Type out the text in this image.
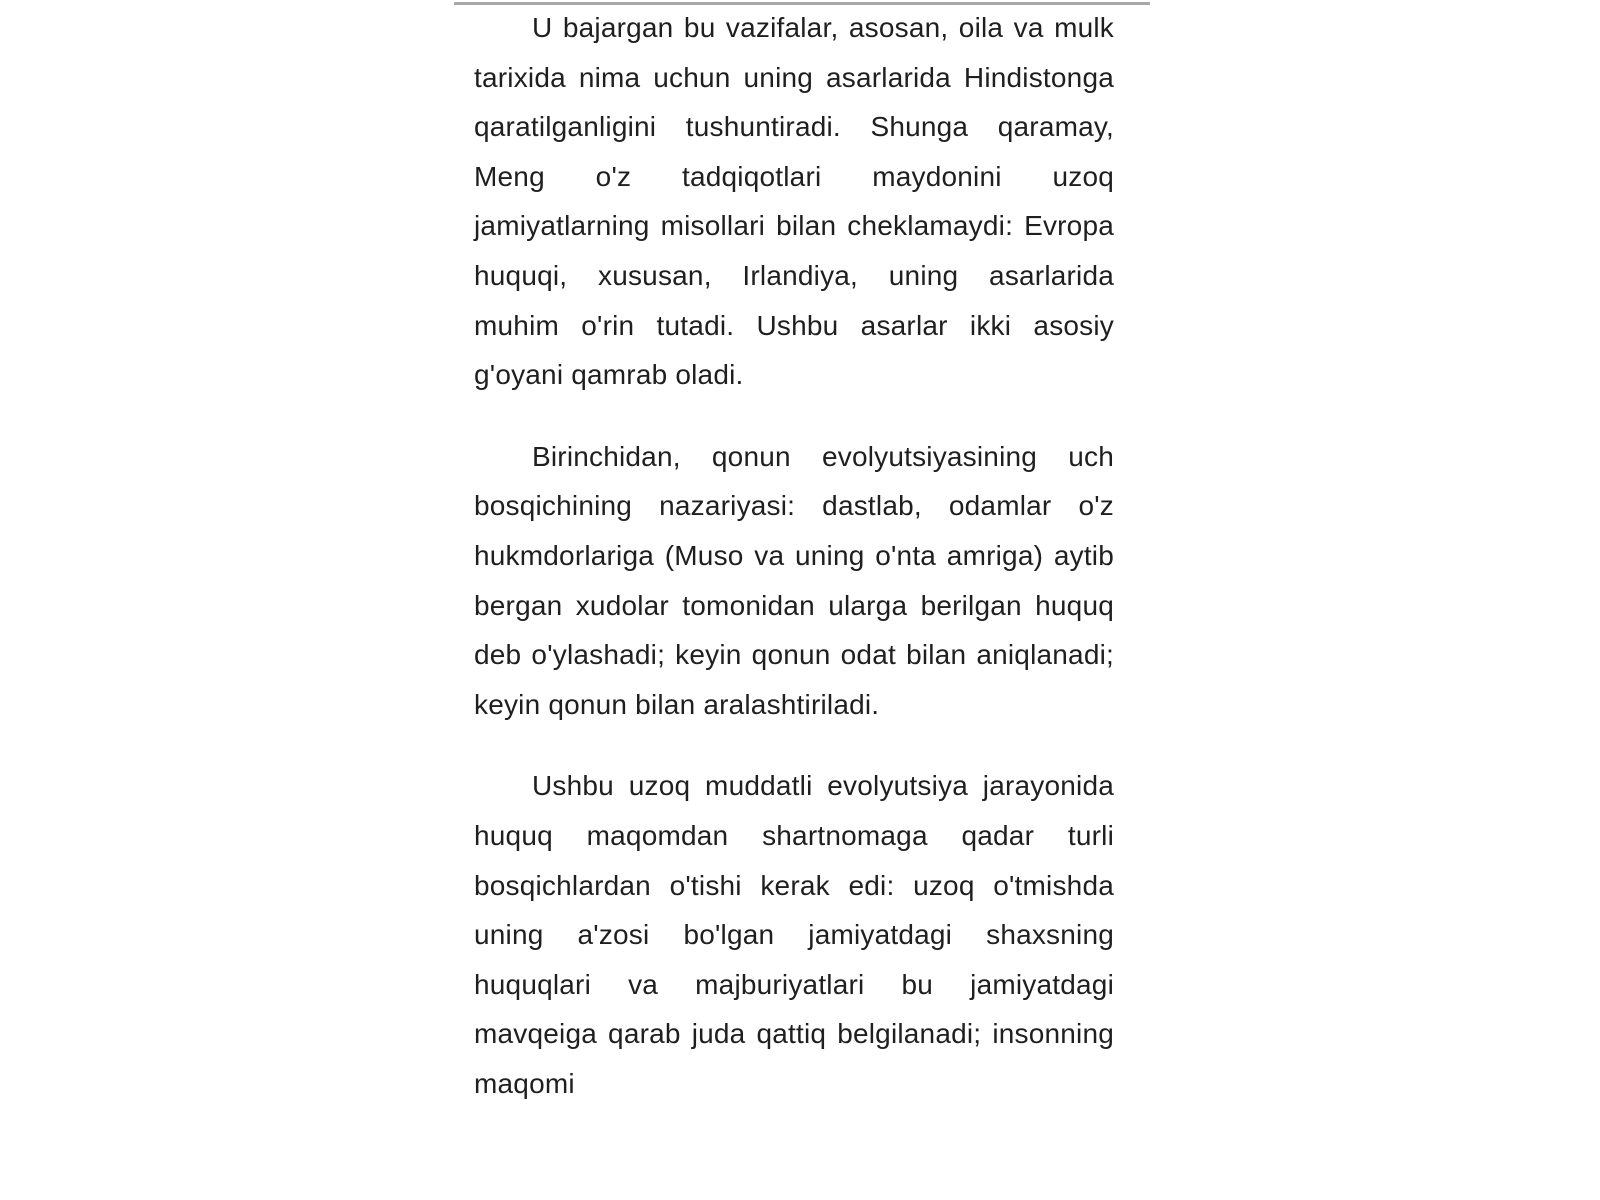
U bajargan bu vazifalar, asosan, oila va mulk tarixida nima uchun uning asarlarida Hindistonga qaratilganligini tushuntiradi. Shunga qaramay, Meng o'z tadqiqotlari maydonini uzoq jamiyatlarning misollari bilan cheklamaydi: Evropa huquqi, xususan, Irlandiya, uning asarlarida muhim o'rin tutadi. Ushbu asarlar ikki asosiy g'oyani qamrab oladi.

Birinchidan, qonun evolyutsiyasining uch bosqichining nazariyasi: dastlab, odamlar o'z hukmdorlariga (Muso va uning o'nta amriga) aytib bergan xudolar tomonidan ularga berilgan huquq deb o'ylashadi; keyin qonun odat bilan aniqlanadi; keyin qonun bilan aralashtiriladi.

Ushbu uzoq muddatli evolyutsiya jarayonida huquq maqomdan shartnomaga qadar turli bosqichlardan o'tishi kerak edi: uzoq o'tmishda uning a'zosi bo'lgan jamiyatdagi shaxsning huquqlari va majburiyatlari bu jamiyatdagi mavqeiga qarab juda qattiq belgilanadi; insonning maqomi
